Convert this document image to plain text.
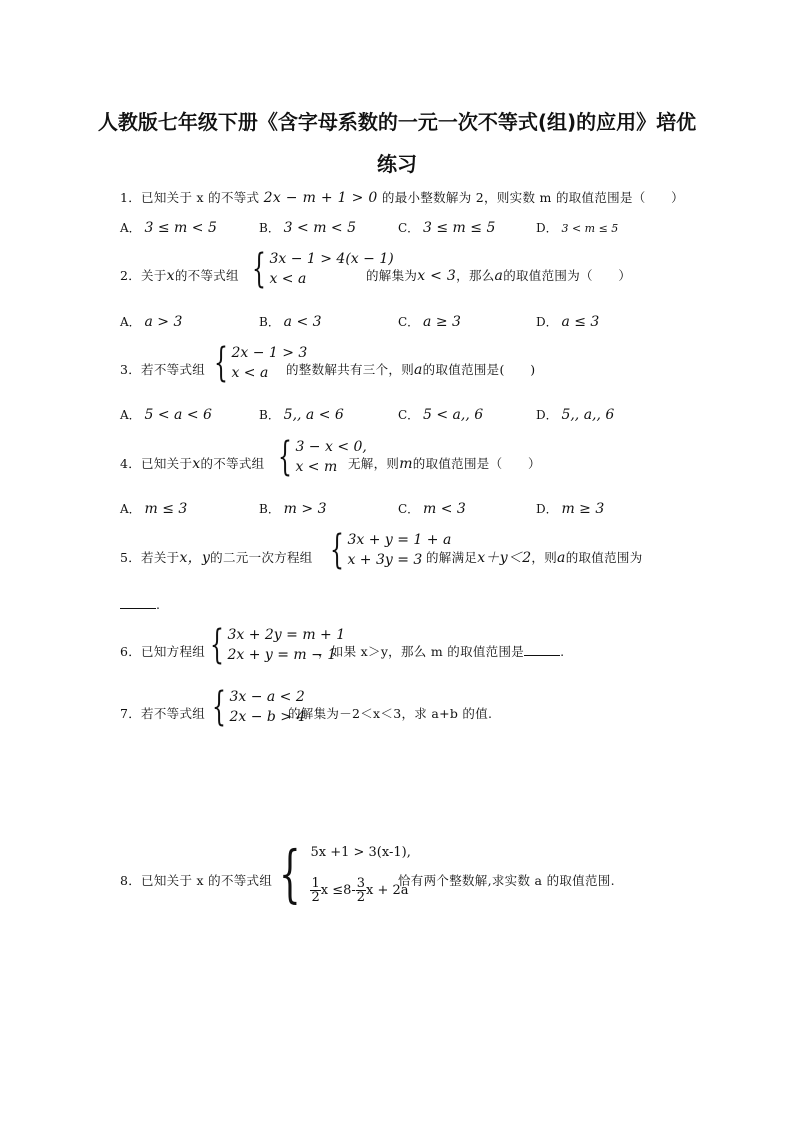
人教版七年级下册《含字母系数的一元一次不等式(组)的应用》培优
练习
1．已知关于 x 的不等式 2x − m + 1 > 0 的最小整数解为 2，则实数 m 的取值范围是（　　）
A． 3 ≤ m < 5	B． 3 < m < 5	C． 3 ≤ m ≤ 5	D． 3 < m ≤ 5
2．关于x的不等式组 { 3x − 1 > 4(x − 1)
x < a	的解集为x < 3，那么a的取值范围为（　　）
A． a > 3	B． a < 3	C． a ≥ 3	D． a ≤ 3
3．若不等式组 { 2x − 1 > 3
x < a	的整数解共有三个，则a的取值范围是(　　)
A． 5 < a < 6	B． 5,, a < 6	C． 5 < a,, 6	D． 5,, a,, 6
4．已知关于x的不等式组 { 3 − x < 0,
x < m 无解，则m的取值范围是（　　）
A． m ≤ 3	B． m > 3	C． m < 3	D． m ≥ 3
5．若关于x，y的二元一次方程组 { 3x + y = 1 + a
x + 3y = 3 的解满足x＋y＜2，则a的取值范围为
.
6．已知方程组 { 3x + 2y = m + 1
2x + y = m − 1
，如果 x＞y，那么 m 的取值范围是	.
7．若不等式组 { 3x − a < 2
2x − b > 4
的解集为－2＜x＜3，求 a+b 的值.
8．已知关于 x 的不等式组 { 5x +1 > 3(x-1),
$\frac{1}{2}$ $x \le 8- \frac{3}{2}$ x + 2a
恰有两个整数解,求实数 a 的取值范围.
